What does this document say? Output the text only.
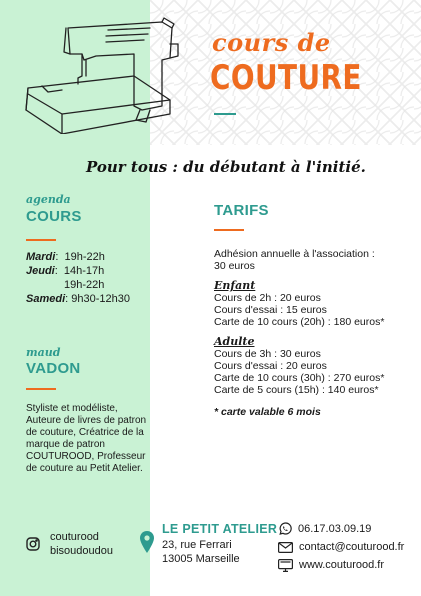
cours de
COUTURE
Pour tous : du débutant à l'initié.
agenda
COURS
Mardi :
19h-22h
Jeudi :
14h-17h
19h-22h
Samedi :
9h30-12h30
maud
VADON
Styliste et modéliste, Auteure de livres de patron de couture, Créatrice de la marque de patron COUTUROOD, Professeur de couture au Petit Atelier.
TARIFS
Adhésion annuelle à l'association :
30 euros
Enfant
Cours de 2h : 20 euros
Cours d'essai : 15 euros
Carte de 10 cours (20h) : 180 euros*
Adulte
Cours de 3h : 30 euros
Cours d'essai : 20 euros
Carte de 10 cours (30h) : 270 euros*
Carte de 5 cours (15h) : 140 euros*
* carte valable 6 mois
couturood
bisoudoudou
LE PETIT ATELIER
23, rue Ferrari
13005 Marseille
06.17.03.09.19
contact@couturood.fr
www.couturood.fr
